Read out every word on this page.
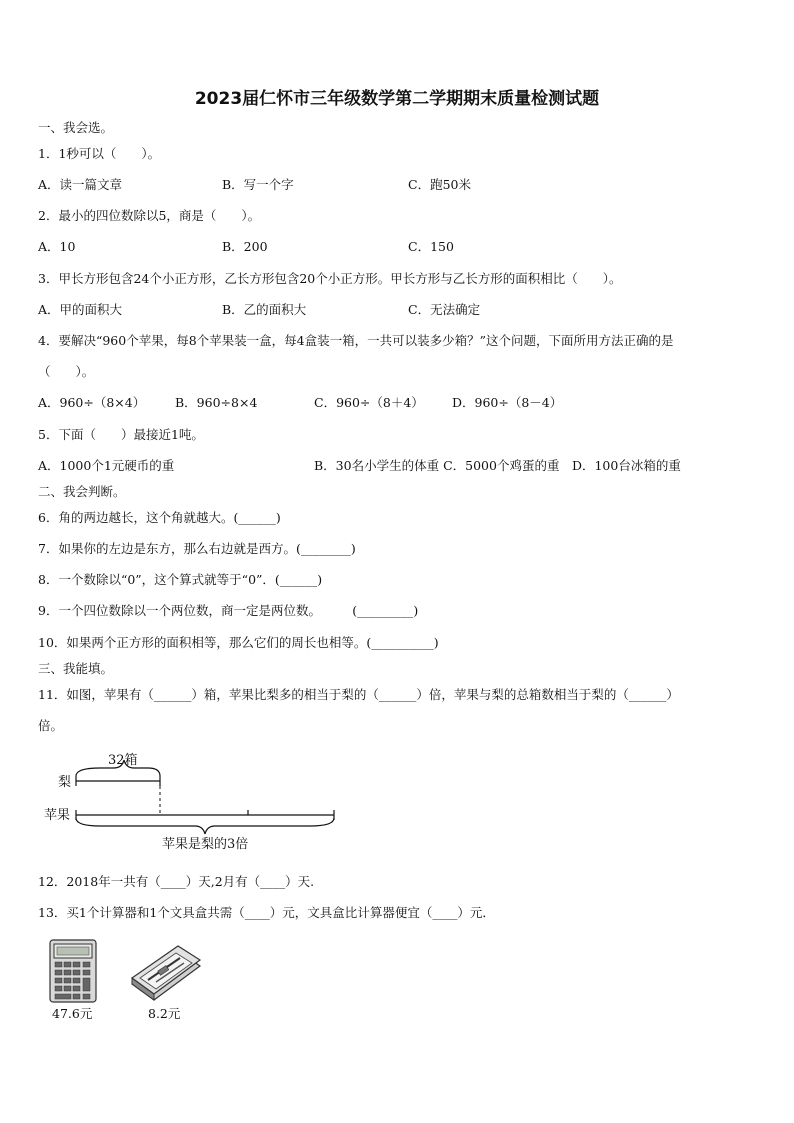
2023届仁怀市三年级数学第二学期期末质量检测试题
一、我会选。
1．1秒可以（　　）。
A．读一篇文章	B．写一个字	C．跑50米
2．最小的四位数除以5，商是（　　）。
A．10	B．200	C．150
3．甲长方形包含24个小正方形，乙长方形包含20个小正方形。甲长方形与乙长方形的面积相比（　　）。
A．甲的面积大	B．乙的面积大	C．无法确定
4．要解决“960个苹果，每8个苹果装一盒，每4盒装一箱，一共可以装多少箱？”这个问题，下面所用方法正确的是
（　　）。
A．960÷（8×4） B．960÷8×4	C．960÷（8＋4） D．960÷（8－4）
5．下面（　　）最接近1吨。
A．1000个1元硬币的重	B．30名小学生的体重 C．5000个鸡蛋的重　D．100台冰箱的重
二、我会判断。
6．角的两边越长，这个角就越大。(______)
7．如果你的左边是东方，那么右边就是西方。(________)
8．一个数除以“0”，这个算式就等于“0”．(______)
9．一个四位数除以一个两位数，商一定是两位数。　　　(_________)
10．如果两个正方形的面积相等，那么它们的周长也相等。(__________)
三、我能填。
11．如图，苹果有（______）箱，苹果比梨多的相当于梨的（______）倍，苹果与梨的总箱数相当于梨的（______）
倍。
32箱
梨
苹果
苹果是梨的3倍
12．2018年一共有（____）天,2月有（____）天.
13．买1个计算器和1个文具盒共需（____）元，文具盒比计算器便宜（____）元．
47.6元	8.2元
